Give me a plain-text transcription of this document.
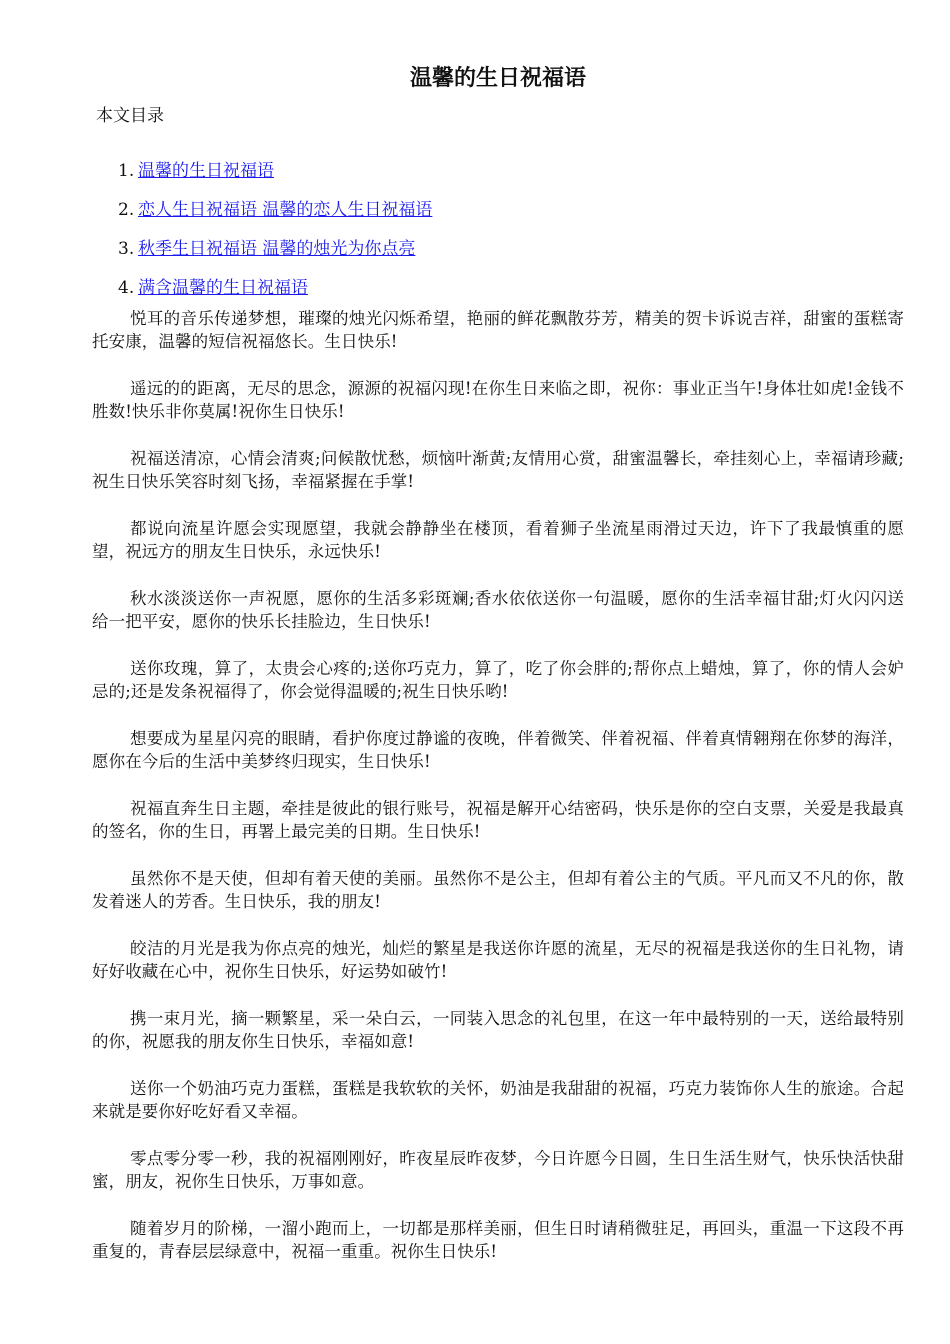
温馨的生日祝福语
本文目录
1. 温馨的生日祝福语
2. 恋人生日祝福语 温馨的恋人生日祝福语
3. 秋季生日祝福语 温馨的烛光为你点亮
4. 满含温馨的生日祝福语

悦耳的音乐传递梦想，璀璨的烛光闪烁希望，艳丽的鲜花飘散芬芳，精美的贺卡诉说吉祥，甜蜜的蛋糕寄托安康，温馨的短信祝福悠长。生日快乐!

遥远的的距离，无尽的思念，源源的祝福闪现!在你生日来临之即，祝你：事业正当午!身体壮如虎!金钱不胜数!快乐非你莫属!祝你生日快乐!

祝福送清凉，心情会清爽;问候散忧愁，烦恼叶渐黄;友情用心赏，甜蜜温馨长，牵挂刻心上，幸福请珍藏;祝生日快乐笑容时刻飞扬，幸福紧握在手掌!

都说向流星许愿会实现愿望，我就会静静坐在楼顶，看着狮子坐流星雨滑过天边，许下了我最慎重的愿望，祝远方的朋友生日快乐，永远快乐!

秋水淡淡送你一声祝愿，愿你的生活多彩斑斓;香水依依送你一句温暖，愿你的生活幸福甘甜;灯火闪闪送给一把平安，愿你的快乐长挂脸边，生日快乐!

送你玫瑰，算了，太贵会心疼的;送你巧克力，算了，吃了你会胖的;帮你点上蜡烛，算了，你的情人会妒忌的;还是发条祝福得了，你会觉得温暖的;祝生日快乐哟!

想要成为星星闪亮的眼睛，看护你度过静谧的夜晚，伴着微笑、伴着祝福、伴着真情翱翔在你梦的海洋，愿你在今后的生活中美梦终归现实，生日快乐!

祝福直奔生日主题，牵挂是彼此的银行账号，祝福是解开心结密码，快乐是你的空白支票，关爱是我最真的签名，你的生日，再署上最完美的日期。生日快乐!

虽然你不是天使，但却有着天使的美丽。虽然你不是公主，但却有着公主的气质。平凡而又不凡的你，散发着迷人的芳香。生日快乐，我的朋友!

皎洁的月光是我为你点亮的烛光，灿烂的繁星是我送你许愿的流星，无尽的祝福是我送你的生日礼物，请好好收藏在心中，祝你生日快乐，好运势如破竹!

携一束月光，摘一颗繁星，采一朵白云，一同装入思念的礼包里，在这一年中最特别的一天，送给最特别的你，祝愿我的朋友你生日快乐，幸福如意!

送你一个奶油巧克力蛋糕，蛋糕是我软软的关怀，奶油是我甜甜的祝福，巧克力装饰你人生的旅途。合起来就是要你好吃好看又幸福。

零点零分零一秒，我的祝福刚刚好，昨夜星辰昨夜梦，今日许愿今日圆，生日生活生财气，快乐快活快甜蜜，朋友，祝你生日快乐，万事如意。

随着岁月的阶梯，一溜小跑而上，一切都是那样美丽，但生日时请稍微驻足，再回头，重温一下这段不再重复的，青春层层绿意中，祝福一重重。祝你生日快乐!
